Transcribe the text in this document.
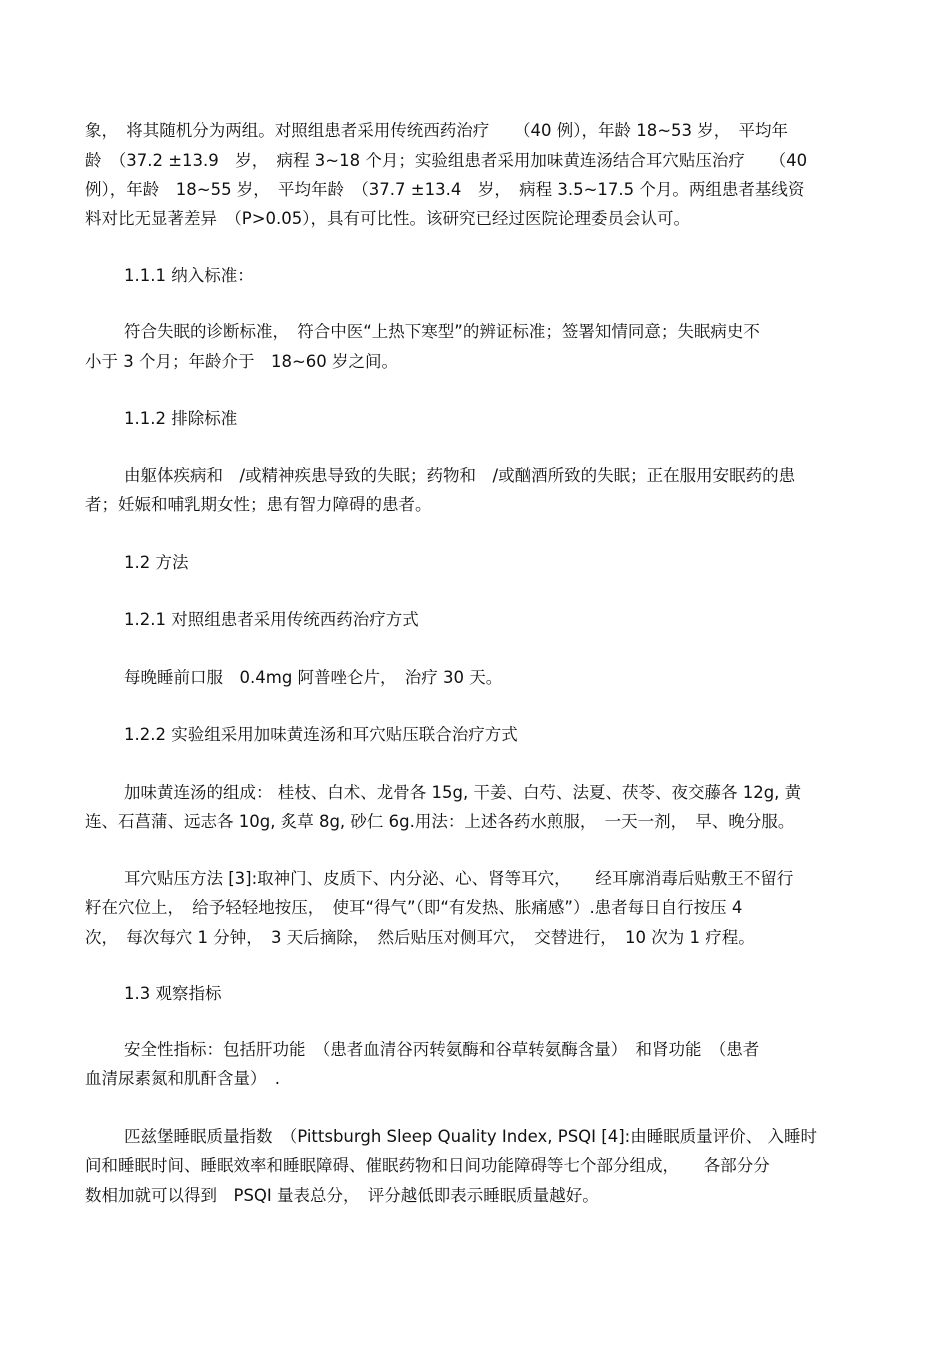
象，　将其随机分为两组。对照组患者采用传统西药治疗　　（40 例），年龄 18~53 岁，　平均年
龄　（37.2 ±13.9　岁，　病程 3~18 个月；实验组患者采用加味黄连汤结合耳穴贴压治疗　　（40
例），年龄　18~55 岁，　平均年龄　（37.7 ±13.4　岁，　病程 3.5~17.5 个月。两组患者基线资
料对比无显著差异　（P>0.05），具有可比性。该研究已经过医院论理委员会认可。
1.1.1 纳入标准：
符合失眠的诊断标准，　符合中医“上热下寒型”的辨证标准；签署知情同意；失眠病史不
小于 3 个月；年龄介于　18~60 岁之间。
1.1.2 排除标准
由躯体疾病和　/或精神疾患导致的失眠；药物和　/或酗酒所致的失眠；正在服用安眠药的患
者；妊娠和哺乳期女性；患有智力障碍的患者。
1.2 方法
1.2.1 对照组患者采用传统西药治疗方式
每晚睡前口服　0.4mg 阿普唑仑片，　治疗 30 天。
1.2.2 实验组采用加味黄连汤和耳穴贴压联合治疗方式
加味黄连汤的组成： 桂枝、白术、龙骨各 15g, 干姜、白芍、法夏、茯苓、夜交藤各 12g, 黄
连、石菖蒲、远志各 10g, 炙草 8g, 砂仁 6g.用法：上述各药水煎服，　一天一剂，　早、晚分服。
耳穴贴压方法 [3]:取神门、皮质下、内分泌、心、肾等耳穴，　　经耳廓消毒后贴敷王不留行
籽在穴位上，　给予轻轻地按压，　使耳“得气”（即“有发热、胀痛感”）.患者每日自行按压 4
次，　每次每穴 1 分钟，　3 天后摘除，　然后贴压对侧耳穴，　交替进行，　10 次为 1 疗程。
1.3 观察指标
安全性指标：包括肝功能　（患者血清谷丙转氨酶和谷草转氨酶含量）　和肾功能　（患者
血清尿素氮和肌酐含量）　.
匹兹堡睡眠质量指数　（Pittsburgh Sleep Quality Index, PSQI [4]:由睡眠质量评价、 入睡时
间和睡眠时间、睡眠效率和睡眠障碍、催眠药物和日间功能障碍等七个部分组成，　　各部分分
数相加就可以得到　PSQI 量表总分，　评分越低即表示睡眠质量越好。
